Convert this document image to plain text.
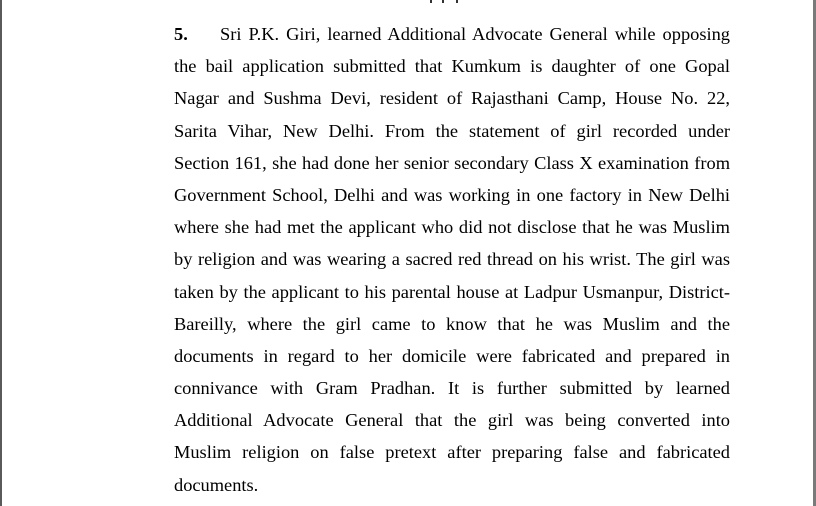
5. Sri P.K. Giri, learned Additional Advocate General while opposing
the bail application submitted that Kumkum is daughter of one Gopal
Nagar and Sushma Devi, resident of Rajasthani Camp, House No. 22,
Sarita Vihar, New Delhi. From the statement of girl recorded under
Section 161, she had done her senior secondary Class X examination from
Government School, Delhi and was working in one factory in New Delhi
where she had met the applicant who did not disclose that he was Muslim
by religion and was wearing a sacred red thread on his wrist. The girl was
taken by the applicant to his parental house at Ladpur Usmanpur, District-
Bareilly, where the girl came to know that he was Muslim and the
documents in regard to her domicile were fabricated and prepared in
connivance with Gram Pradhan. It is further submitted by learned
Additional Advocate General that the girl was being converted into
Muslim religion on false pretext after preparing false and fabricated
documents.
